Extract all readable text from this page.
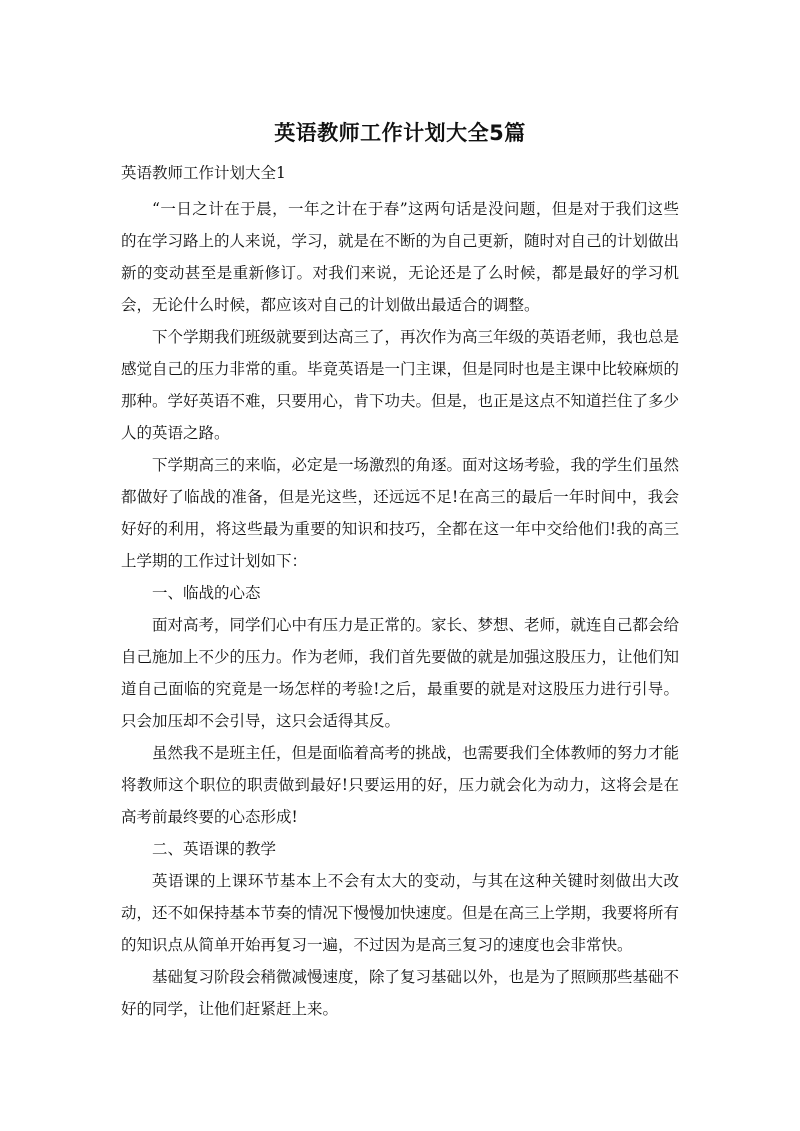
英语教师工作计划大全5篇
英语教师工作计划大全1

“一日之计在于晨，一年之计在于春”这两句话是没问题，但是对于我们这些的在学习路上的人来说，学习，就是在不断的为自己更新，随时对自己的计划做出新的变动甚至是重新修订。对我们来说，无论还是了么时候，都是最好的学习机会，无论什么时候，都应该对自己的计划做出最适合的调整。

下个学期我们班级就要到达高三了，再次作为高三年级的英语老师，我也总是感觉自己的压力非常的重。毕竟英语是一门主课，但是同时也是主课中比较麻烦的那种。学好英语不难，只要用心，肯下功夫。但是，也正是这点不知道拦住了多少人的英语之路。

下学期高三的来临，必定是一场激烈的角逐。面对这场考验，我的学生们虽然都做好了临战的准备，但是光这些，还远远不足!在高三的最后一年时间中，我会好好的利用，将这些最为重要的知识和技巧，全都在这一年中交给他们!我的高三上学期的工作过计划如下：

一、临战的心态

面对高考，同学们心中有压力是正常的。家长、梦想、老师，就连自己都会给自己施加上不少的压力。作为老师，我们首先要做的就是加强这股压力，让他们知道自己面临的究竟是一场怎样的考验!之后，最重要的就是对这股压力进行引导。只会加压却不会引导，这只会适得其反。

虽然我不是班主任，但是面临着高考的挑战，也需要我们全体教师的努力才能将教师这个职位的职责做到最好!只要运用的好，压力就会化为动力，这将会是在高考前最终要的心态形成!

二、英语课的教学

英语课的上课环节基本上不会有太大的变动，与其在这种关键时刻做出大改动，还不如保持基本节奏的情况下慢慢加快速度。但是在高三上学期，我要将所有的知识点从简单开始再复习一遍，不过因为是高三复习的速度也会非常快。

基础复习阶段会稍微减慢速度，除了复习基础以外，也是为了照顾那些基础不好的同学，让他们赶紧赶上来。
